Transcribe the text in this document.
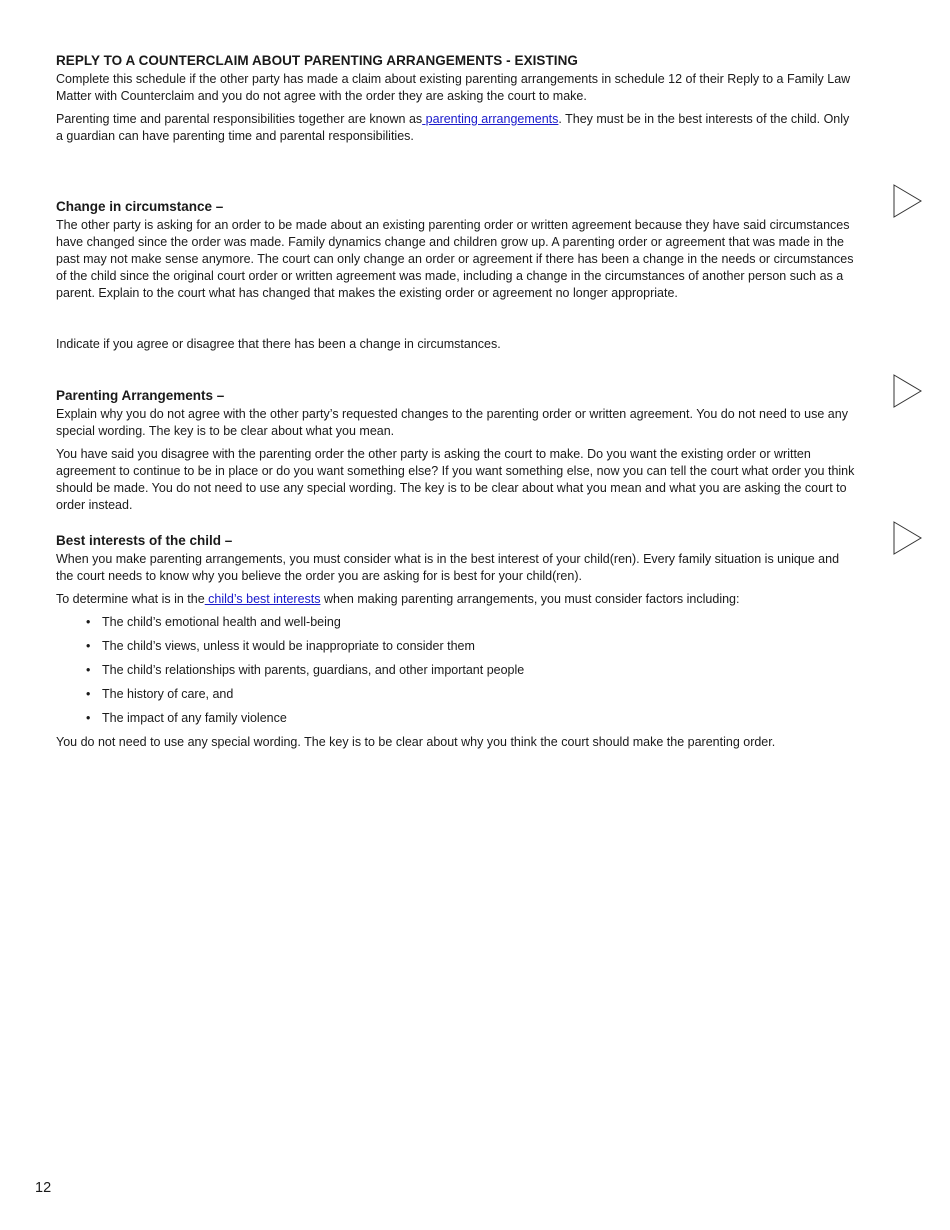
REPLY TO A COUNTERCLAIM ABOUT PARENTING ARRANGEMENTS - EXISTING

Complete this schedule if the other party has made a claim about existing parenting arrangements in schedule 12 of their Reply to a Family Law Matter with Counterclaim and you do not agree with the order they are asking the court to make.

Parenting time and parental responsibilities together are known as parenting arrangements. They must be in the best interests of the child. Only a guardian can have parenting time and parental responsibilities.

Change in circumstance –

The other party is asking for an order to be made about an existing parenting order or written agreement because they have said circumstances have changed since the order was made. Family dynamics change and children grow up. A parenting order or agreement that was made in the past may not make sense anymore. The court can only change an order or agreement if there has been a change in the needs or circumstances of the child since the original court order or written agreement was made, including a change in the circumstances of another person such as a parent. Explain to the court what has changed that makes the existing order or agreement no longer appropriate.

Indicate if you agree or disagree that there has been a change in circumstances.

Parenting Arrangements –

Explain why you do not agree with the other party’s requested changes to the parenting order or written agreement. You do not need to use any special wording. The key is to be clear about what you mean.

You have said you disagree with the parenting order the other party is asking the court to make. Do you want the existing order or written agreement to continue to be in place or do you want something else? If you want something else, now you can tell the court what order you think should be made. You do not need to use any special wording. The key is to be clear about what you mean and what you are asking the court to order instead.

Best interests of the child –

When you make parenting arrangements, you must consider what is in the best interest of your child(ren). Every family situation is unique and the court needs to know why you believe the order you are asking for is best for your child(ren).

To determine what is in the child’s best interests when making parenting arrangements, you must consider factors including:

• The child’s emotional health and well-being
• The child’s views, unless it would be inappropriate to consider them
• The child’s relationships with parents, guardians, and other important people
• The history of care, and
• The impact of any family violence

You do not need to use any special wording. The key is to be clear about why you think the court should make the parenting order.

12
